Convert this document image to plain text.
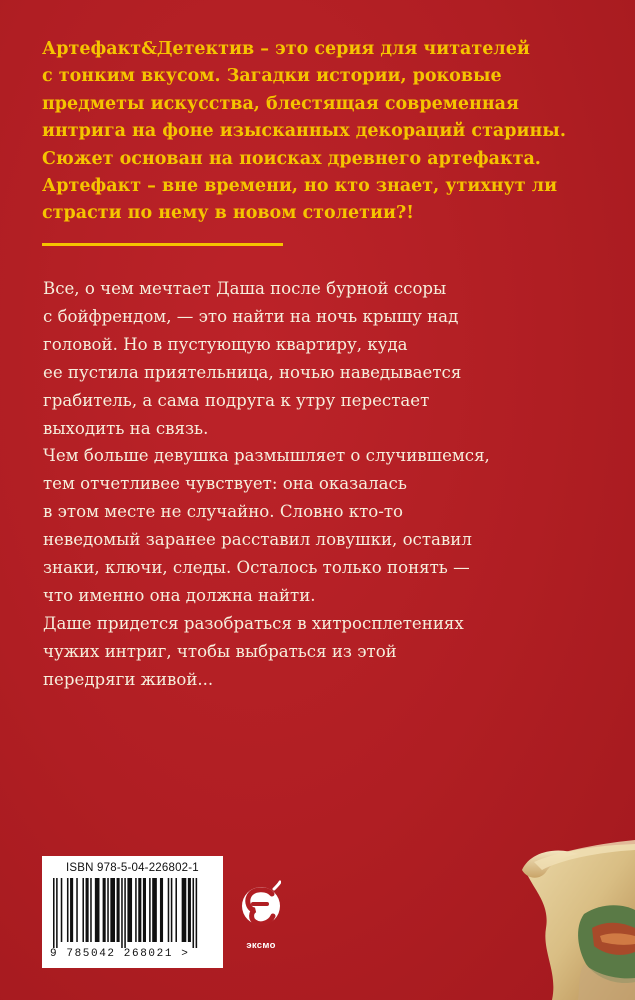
Артефакт&Детектив – это серия для читателей
с тонким вкусом. Загадки истории, роковые
предметы искусства, блестящая современная
интрига на фоне изысканных декораций старины.
Сюжет основан на поисках древнего артефакта.
Артефакт – вне времени, но кто знает, утихнут ли
страсти по нему в новом столетии?!
Все, о чем мечтает Даша после бурной ссоры
с бойфрендом, — это найти на ночь крышу над
головой. Но в пустующую квартиру, куда
ее пустила приятельница, ночью наведывается
грабитель, а сама подруга к утру перестает
выходить на связь.
Чем больше девушка размышляет о случившемся,
тем отчетливее чувствует: она оказалась
в этом месте не случайно. Словно кто-то
неведомый заранее расставил ловушки, оставил
знаки, ключи, следы. Осталось только понять —
что именно она должна найти.
Даше придется разобраться в хитросплетениях
чужих интриг, чтобы выбраться из этой
передряги живой...
ISBN 978-5-04-226802-1
9 785042 268021 >
эксмо
